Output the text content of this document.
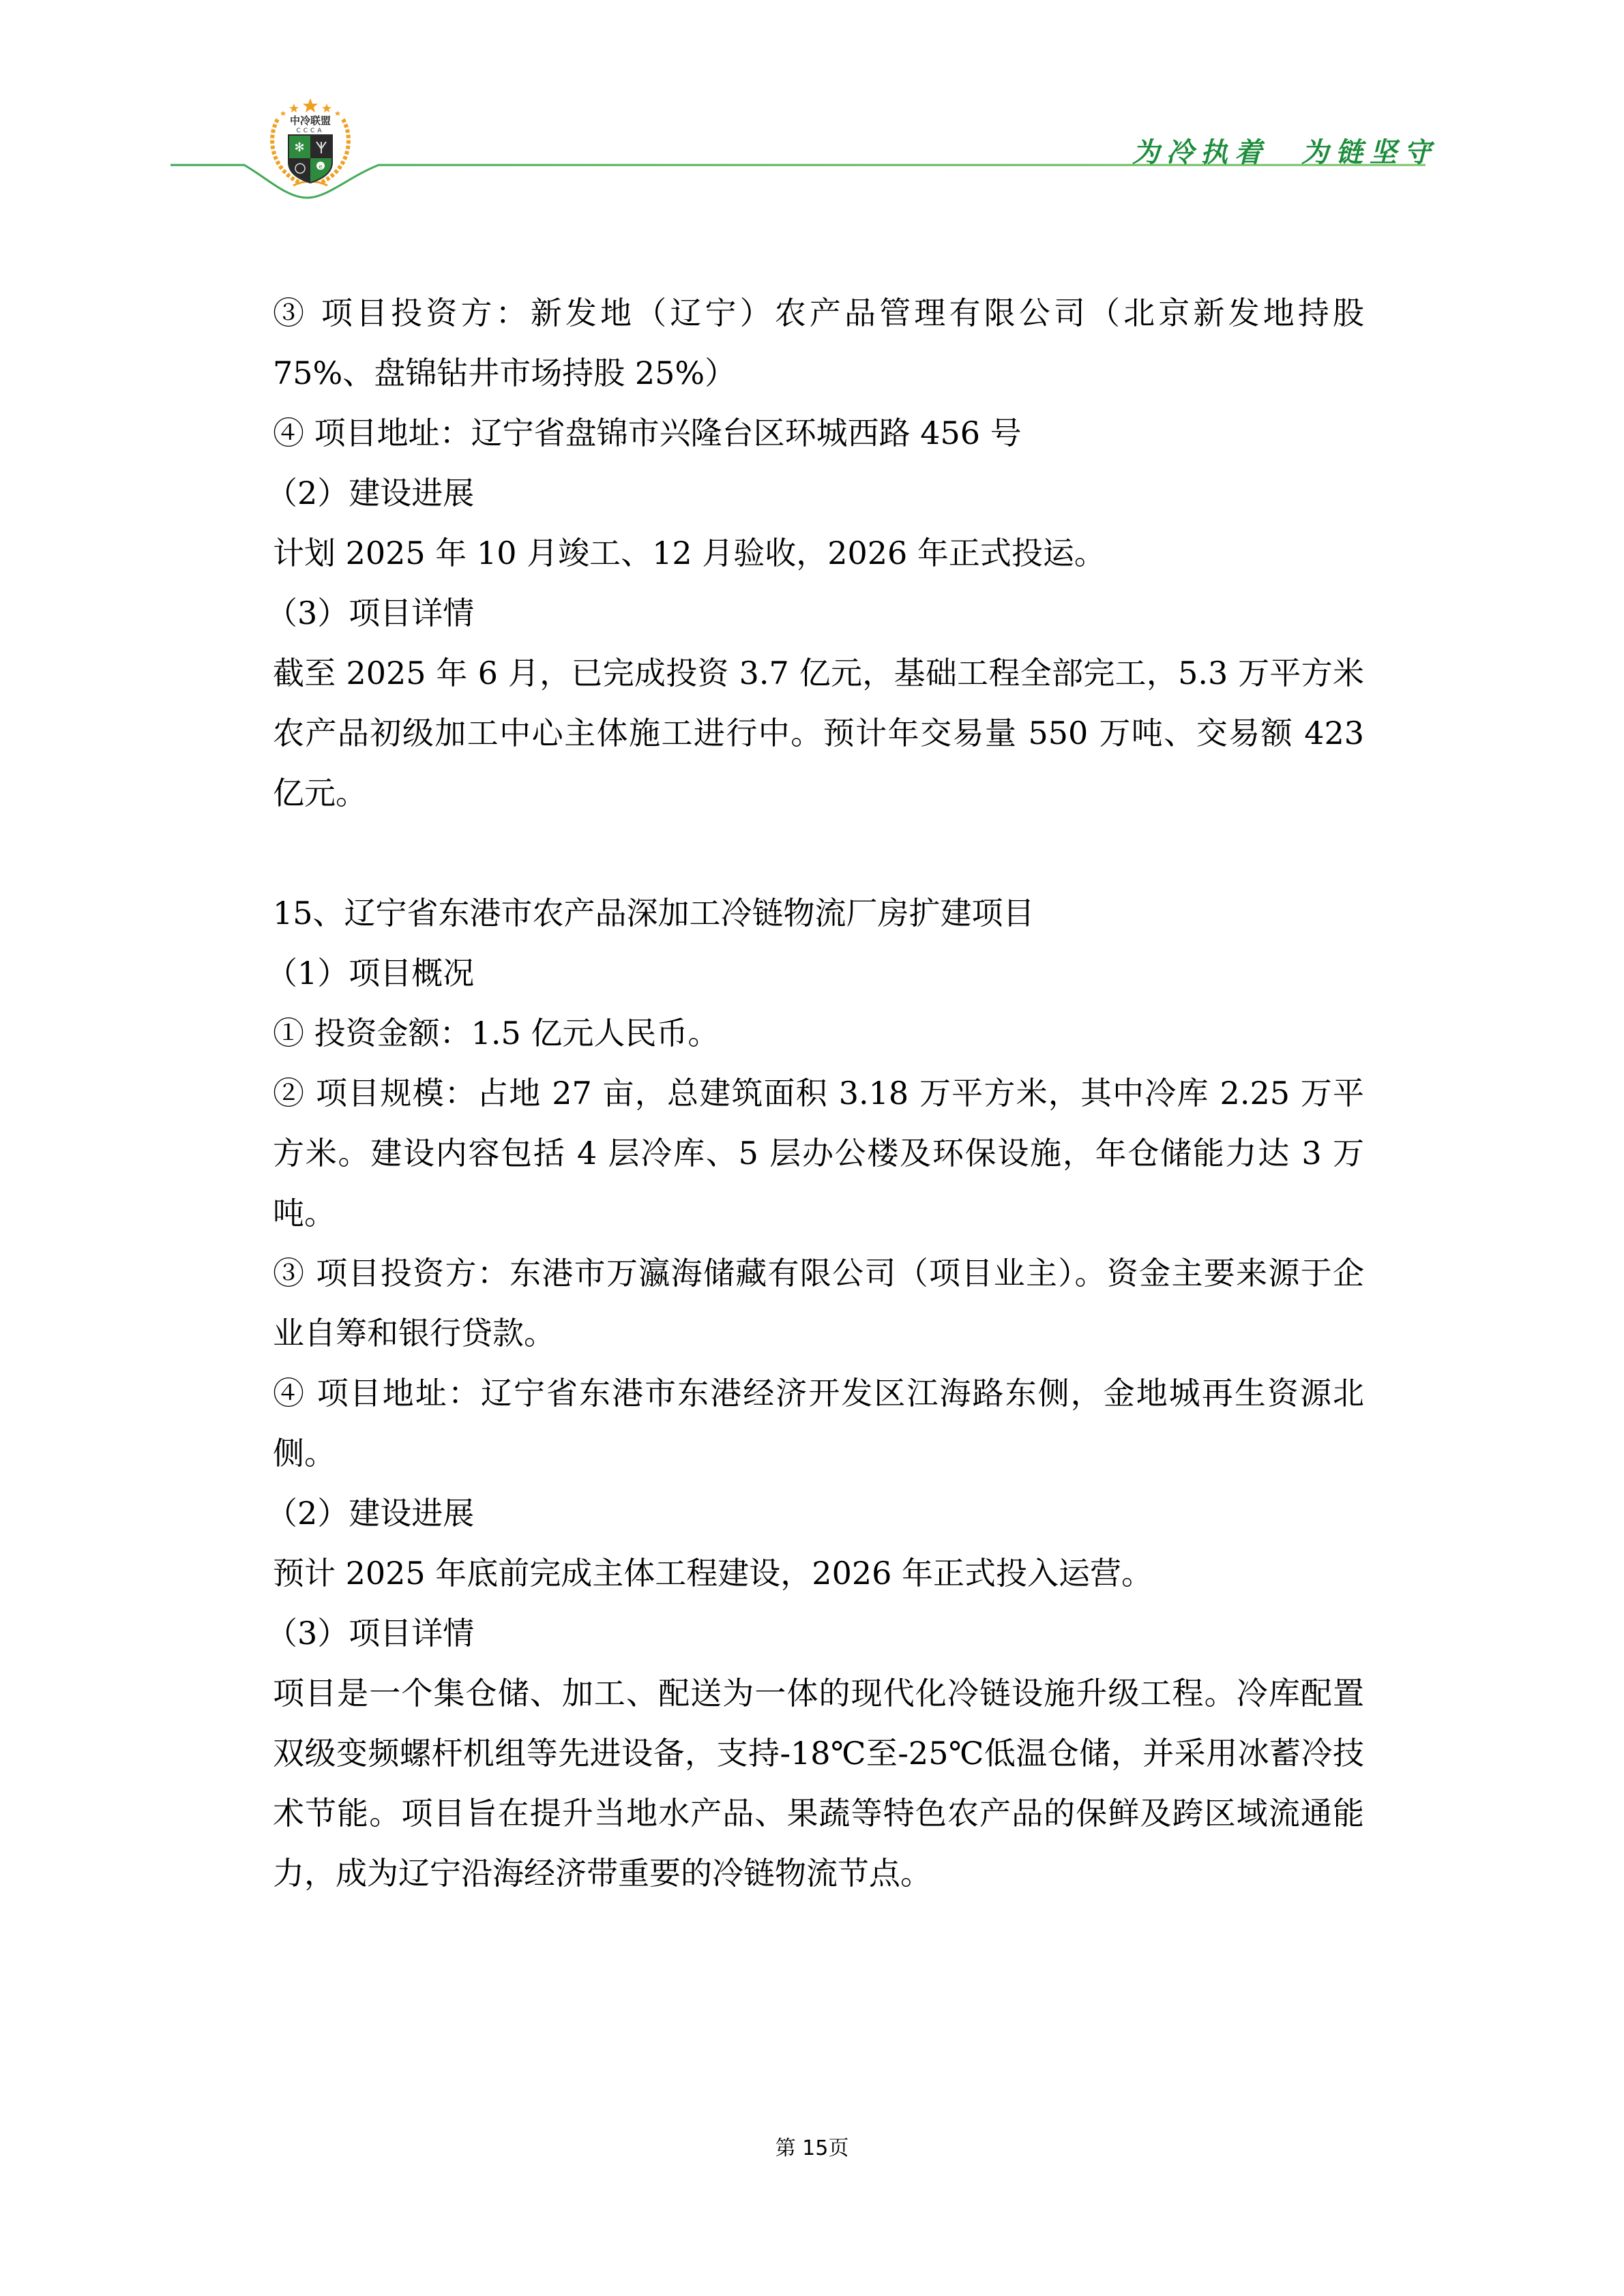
中冷联盟
CCCA
✻
e	为冷执着  为链坚守

③ 项目投资方：新发地（辽宁）农产品管理有限公司（北京新发地持股 75%、盘锦钻井市场持股 25%）

④ 项目地址：辽宁省盘锦市兴隆台区环城西路 456 号

（2）建设进展

计划 2025 年 10 月竣工、12 月验收，2026 年正式投运。

（3）项目详情

截至 2025 年 6 月，已完成投资 3.7 亿元，基础工程全部完工，5.3 万平方米农产品初级加工中心主体施工进行中。预计年交易量 550 万吨、交易额 423 亿元。

15、辽宁省东港市农产品深加工冷链物流厂房扩建项目

（1）项目概况

① 投资金额：1.5 亿元人民币。

② 项目规模：占地 27 亩，总建筑面积 3.18 万平方米，其中冷库 2.25 万平方米。建设内容包括 4 层冷库、5 层办公楼及环保设施，年仓储能力达 3 万吨。

③ 项目投资方：东港市万瀛海储藏有限公司（项目业主）。资金主要来源于企业自筹和银行贷款。

④ 项目地址：辽宁省东港市东港经济开发区江海路东侧，金地城再生资源北侧。

（2）建设进展

预计 2025 年底前完成主体工程建设，2026 年正式投入运营。

（3）项目详情

项目是一个集仓储、加工、配送为一体的现代化冷链设施升级工程。冷库配置双级变频螺杆机组等先进设备，支持-18℃至-25℃低温仓储，并采用冰蓄冷技术节能。项目旨在提升当地水产品、果蔬等特色农产品的保鲜及跨区域流通能力，成为辽宁沿海经济带重要的冷链物流节点。

第 15页
